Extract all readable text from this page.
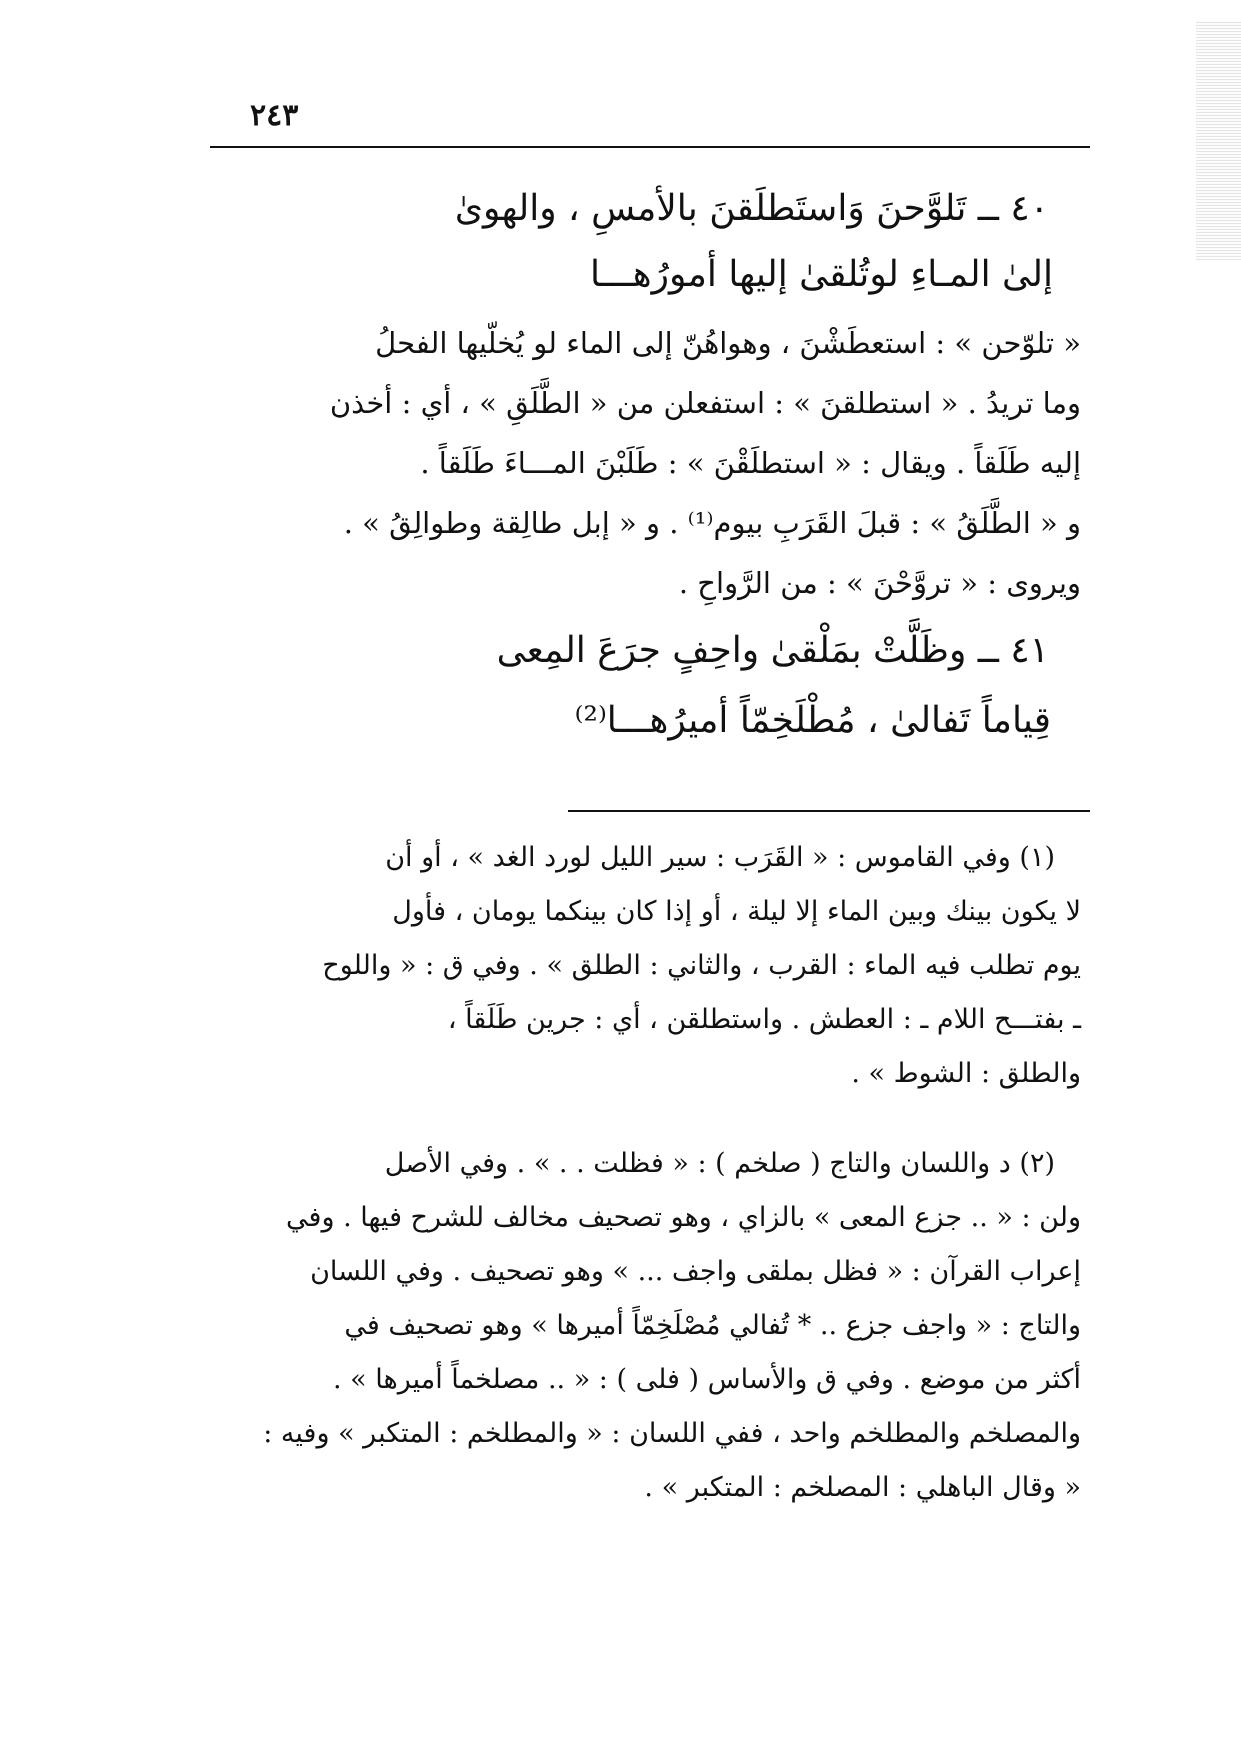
٢٤٣
٤٠ ــ تَلوَّحنَ وَاستَطلَقنَ بالأمسِ ، والهوىٰ
إلىٰ المـاءِ لوتُلقىٰ إليها أمورُهـــا
« تلوّحن » : استعطَشْنَ ، وهواهُنّ إلى الماء لو يُخلّيها الفحلُ
وما تريدُ . « استطلقنَ » : استفعلن من « الطَّلَقِ » ، أي : أخذن
إليه طَلَقاً . ويقال : « استطلَقْنَ » : طَلَبْنَ المـــاءَ طَلَقاً .
و « الطَّلَقُ » : قبلَ القَرَبِ بيوم⁽¹⁾ . و « إبل طالِقة وطوالِقُ » .
ويروى : « تروَّحْنَ » : من الرَّواحِ .
٤١ ــ وظَلَّتْ بمَلْقىٰ واحِفٍ جرَعَ المِعى
قِياماً تَفالىٰ ، مُطْلَخِمّاً أميرُهـــا⁽²⁾
(١) وفي القاموس : « القَرَب : سير الليل لورد الغد » ، أو أن
لا يكون بينك وبين الماء إلا ليلة ، أو إذا كان بينكما يومان ، فأول
يوم تطلب فيه الماء : القرب ، والثاني : الطلق » . وفي ق : « واللوح
ـ بفتـــح اللام ـ : العطش . واستطلقن ، أي : جرين طَلَقاً ،
والطلق : الشوط » .
(٢) د واللسان والتاج ( صلخم ) : « فظلت . . » . وفي الأصل
ولن : « .. جزع المعى » بالزاي ، وهو تصحيف مخالف للشرح فيها . وفي
إعراب القرآن : « فظل بملقى واجف ... » وهو تصحيف . وفي اللسان
والتاج : « واجف جزع .. * تُفالي مُصْلَخِمّاً أميرها » وهو تصحيف في
أكثر من موضع . وفي ق والأساس ( فلى ) : « .. مصلخماً أميرها » .
والمصلخم والمطلخم واحد ، ففي اللسان : « والمطلخم : المتكبر » وفيه :
« وقال الباهلي : المصلخم : المتكبر » .
